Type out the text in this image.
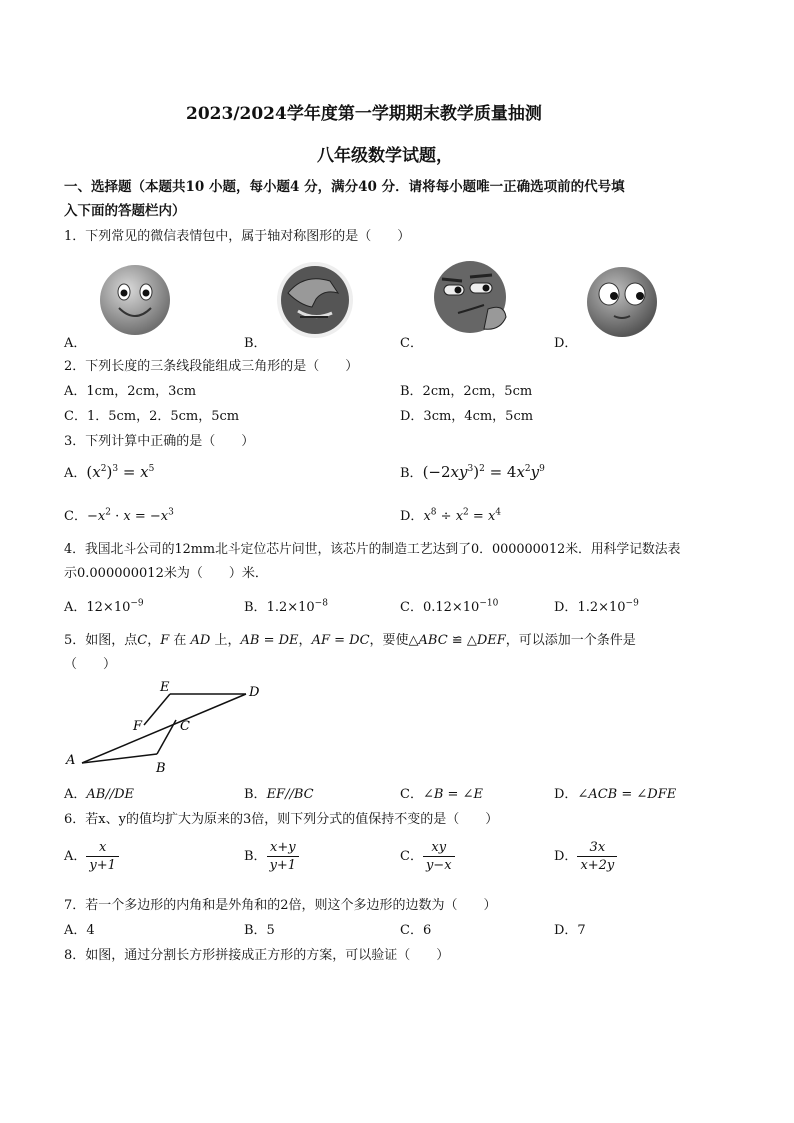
2023/2024学年度第一学期期末教学质量抽测
八年级数学试题，
一、选择题（本题共10 小题，每小题4 分，满分40 分．请将每小题唯一正确选项前的代号填
入下面的答题栏内）
1．下列常见的微信表情包中，属于轴对称图形的是（　　）
A．	B．	C．	D．
2．下列长度的三条线段能组成三角形的是（　　）
A．1cm，2cm，3cm	B．2cm，2cm，5cm
C．1．5cm，2．5cm，5cm	D．3cm，4cm，5cm
3．下列计算中正确的是（　　）
A．$(x^2)^3 = x^5$	B．$(-2xy^3)^2 = 4x^2y^9$
C．$-x^2 \cdot x = -x^3$	D．$x^8 \div x^2 = x^4$
4．我国北斗公司的12mm北斗定位芯片问世，该芯片的制造工艺达到了0．000000012米．用科学记数法表
示0.000000012米为（　　）米．
A．$12\times 10^{-9}$	B．$1.2\times 10^{-8}$	C．$0.12\times 10^{-10}$	D．$1.2\times 10^{-9}$
5．如图，点C，F 在 AD 上，AB = DE，AF = DC，要使△ABC ≌ △DEF，可以添加一个条件是
（　　）
E	D
F	C
A
B
A．AB//DE	B．EF//BC	C．∠B = ∠E	D．∠ACB = ∠DFE
6．若x、y的值均扩大为原来的3倍，则下列分式的值保持不变的是（　　）
A． $\frac{x}{y+1}$	B． $\frac{x+y}{y+1}$	C． $\frac{xy}{y-x}$	D． $\frac{3x}{x+2y}$
7．若一个多边形的内角和是外角和的2倍，则这个多边形的边数为（　　）
A．4	B．5	C．6	D．7
8．如图，通过分割长方形拼接成正方形的方案，可以验证（　　）
